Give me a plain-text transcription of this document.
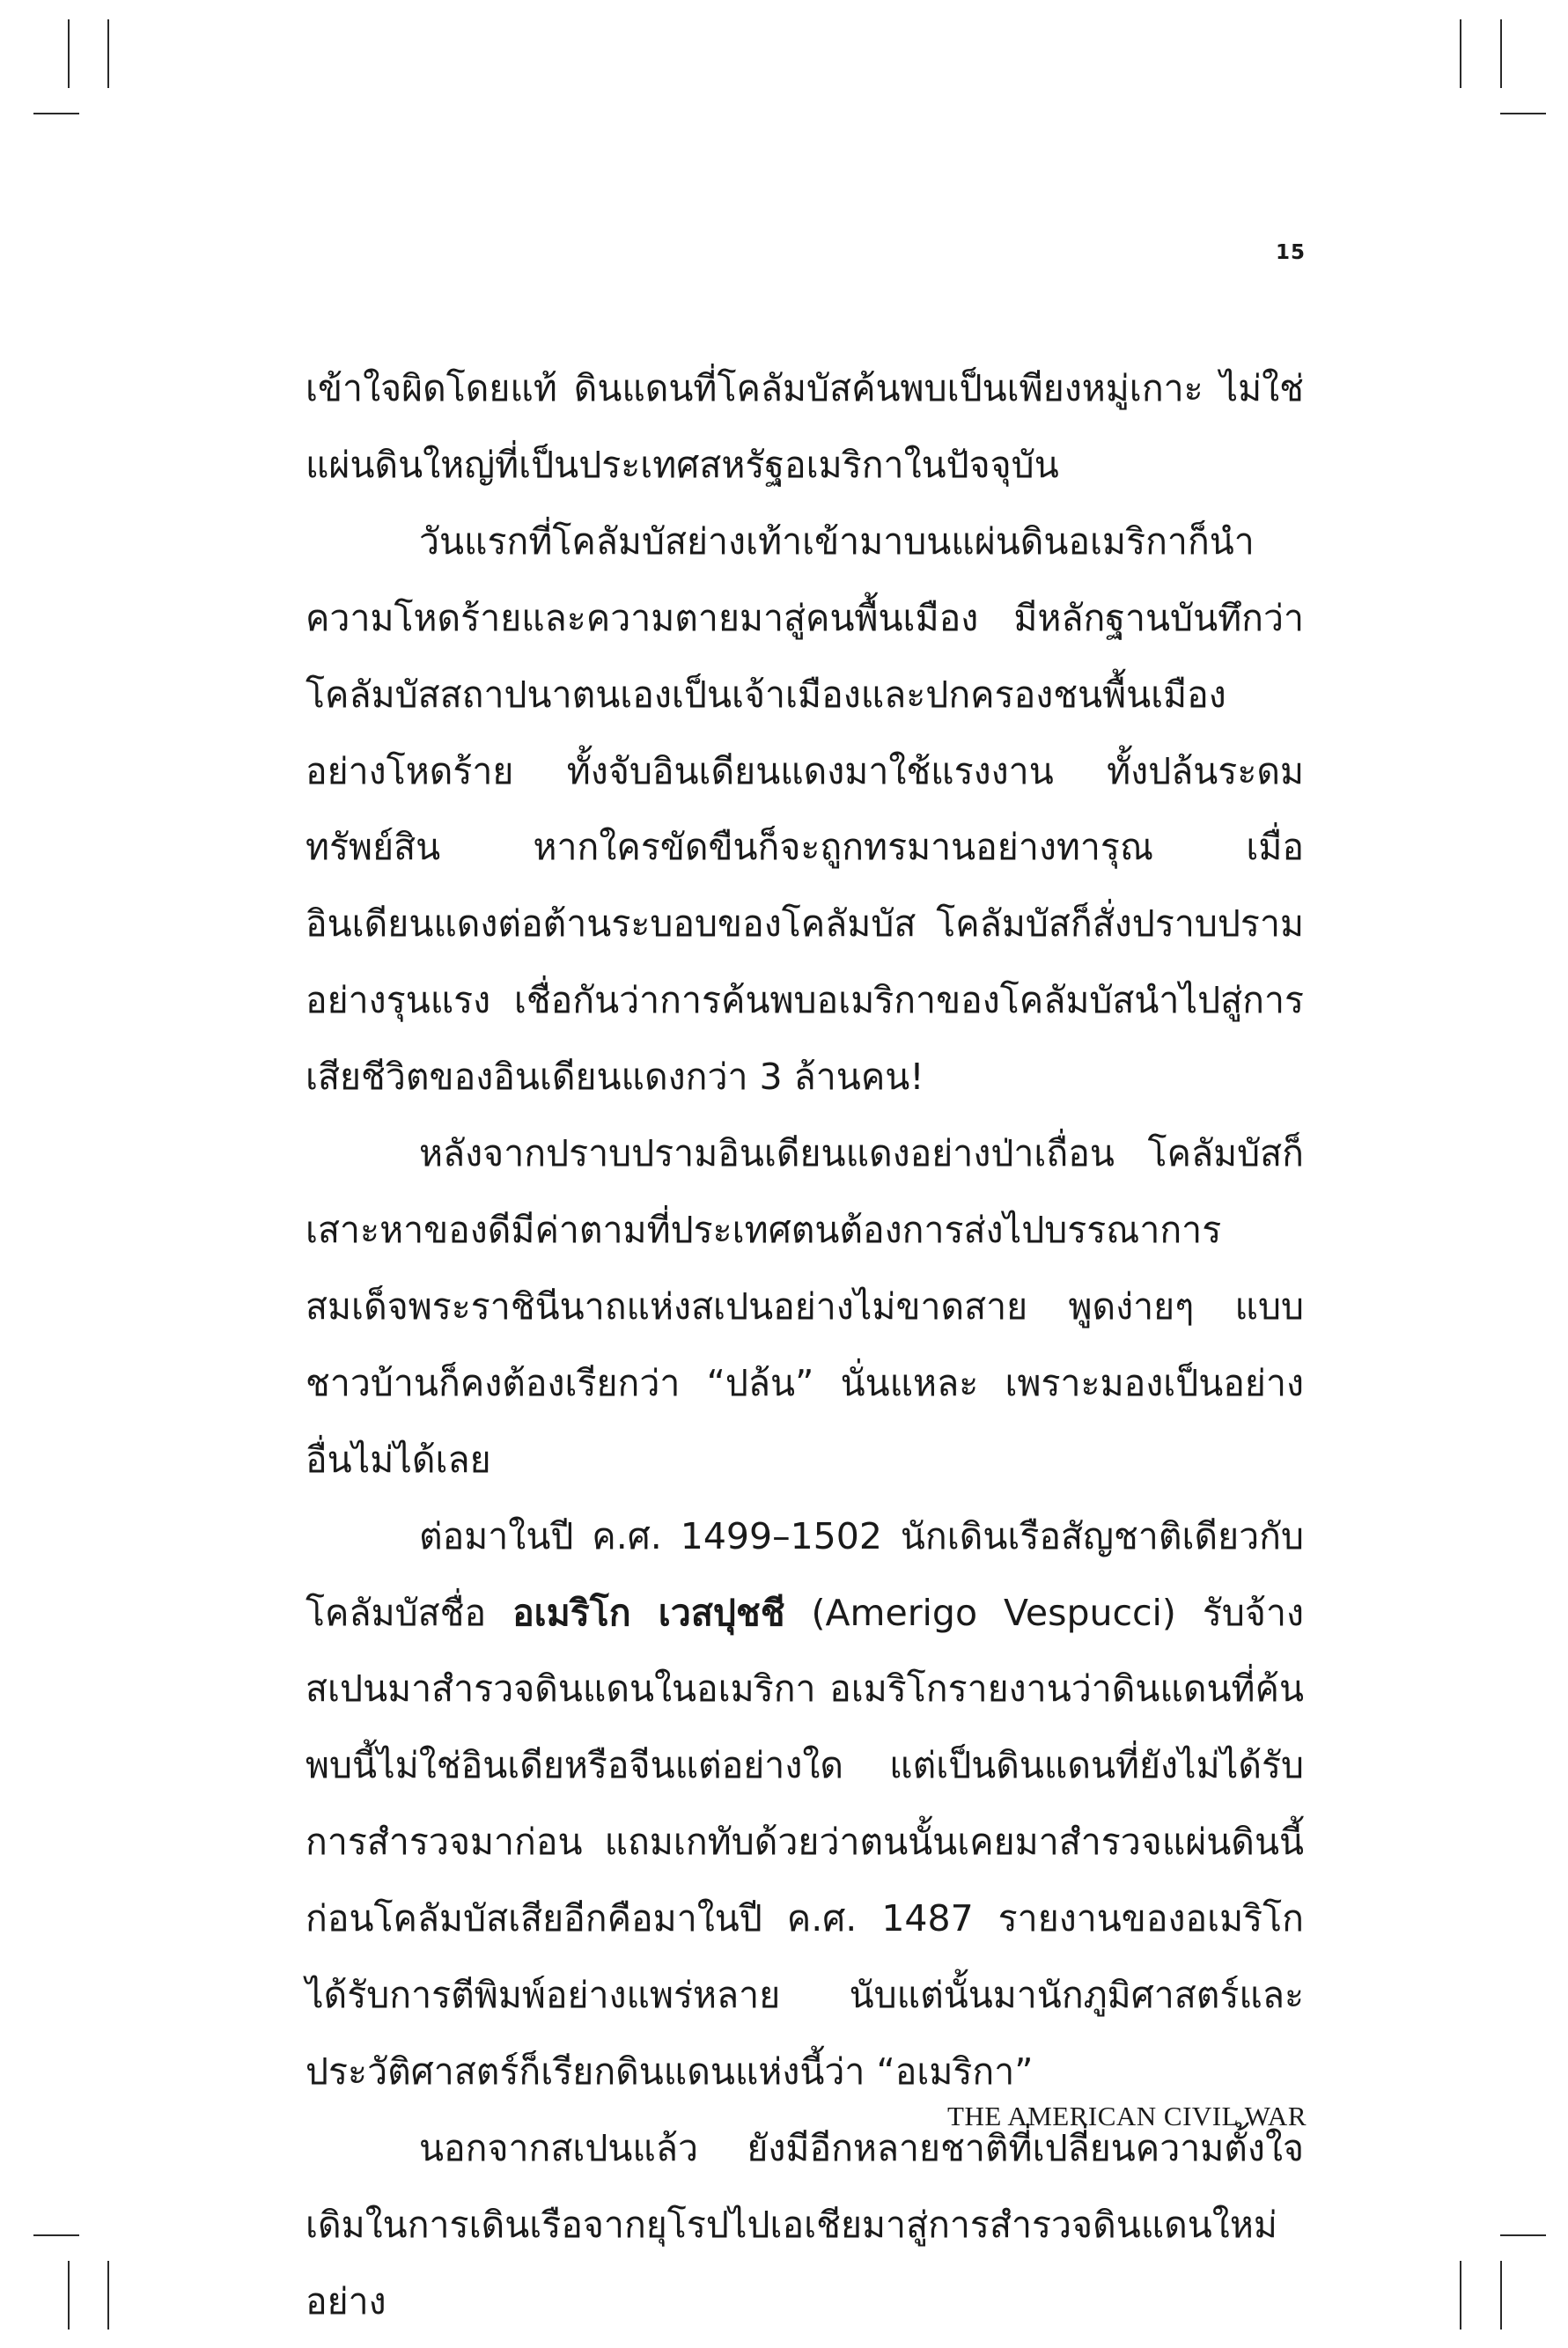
15

เข้าใจผิดโดยแท้ ดินแดนที่โคลัมบัสค้นพบเป็นเพียงหมู่เกาะ ไม่ใช่แผ่นดินใหญ่ที่เป็นประเทศสหรัฐอเมริกาในปัจจุบัน

วันแรกที่โคลัมบัสย่างเท้าเข้ามาบนแผ่นดินอเมริกาก็นำความโหดร้ายและความตายมาสู่คนพื้นเมือง มีหลักฐานบันทึกว่าโคลัมบัสสถาปนาตนเองเป็นเจ้าเมืองและปกครองชนพื้นเมืองอย่างโหดร้าย ทั้งจับอินเดียนแดงมาใช้แรงงาน ทั้งปล้นระดมทรัพย์สิน หากใครขัดขืนก็จะถูกทรมานอย่างทารุณ เมื่ออินเดียนแดงต่อต้านระบอบของโคลัมบัส โคลัมบัสก็สั่งปราบปรามอย่างรุนแรง เชื่อกันว่าการค้นพบอเมริกาของโคลัมบัสนำไปสู่การเสียชีวิตของอินเดียนแดงกว่า 3 ล้านคน!

หลังจากปราบปรามอินเดียนแดงอย่างป่าเถื่อน โคลัมบัสก็เสาะหาของดีมีค่าตามที่ประเทศตนต้องการส่งไปบรรณาการสมเด็จพระราชินีนาถแห่งสเปนอย่างไม่ขาดสาย พูดง่ายๆ แบบชาวบ้านก็คงต้องเรียกว่า “ปล้น” นั่นแหละ เพราะมองเป็นอย่างอื่นไม่ได้เลย

ต่อมาในปี ค.ศ. 1499–1502 นักเดินเรือสัญชาติเดียวกับโคลัมบัสชื่อ อเมริโก เวสปุชชี (Amerigo Vespucci) รับจ้างสเปนมาสำรวจดินแดนในอเมริกา อเมริโกรายงานว่าดินแดนที่ค้นพบนี้ไม่ใช่อินเดียหรือจีนแต่อย่างใด แต่เป็นดินแดนที่ยังไม่ได้รับการสำรวจมาก่อน แถมเกทับด้วยว่าตนนั้นเคยมาสำรวจแผ่นดินนี้ก่อนโคลัมบัสเสียอีกคือมาในปี ค.ศ. 1487 รายงานของอเมริโกได้รับการตีพิมพ์อย่างแพร่หลาย นับแต่นั้นมานักภูมิศาสตร์และประวัติศาสตร์ก็เรียกดินแดนแห่งนี้ว่า “อเมริกา”

นอกจากสเปนแล้ว ยังมีอีกหลายชาติที่เปลี่ยนความตั้งใจเดิมในการเดินเรือจากยุโรปไปเอเชียมาสู่การสำรวจดินแดนใหม่อย่าง

THE AMERICAN CIVIL WAR
